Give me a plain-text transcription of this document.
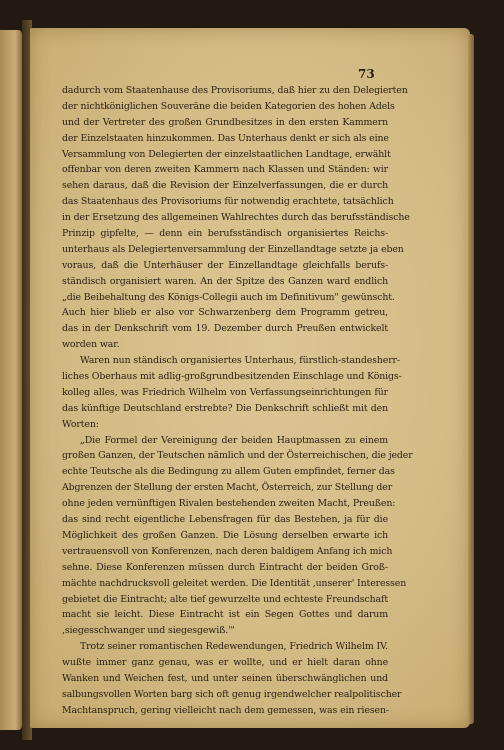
73
dadurch vom Staatenhause des Provisoriums, daß hier zu den Delegierten
der nichtköniglichen Souveräne die beiden Kategorien des hohen Adels
und der Vertreter des großen Grundbesitzes in den ersten Kammern
der Einzelstaaten hinzukommen. Das Unterhaus denkt er sich als eine
Versammlung von Delegierten der einzelstaatlichen Landtage, erwählt
offenbar von deren zweiten Kammern nach Klassen und Ständen: wir
sehen daraus, daß die Revision der Einzelverfassungen, die er durch
das Staatenhaus des Provisoriums für notwendig erachtete, tatsächlich
in der Ersetzung des allgemeinen Wahlrechtes durch das berufsständische
Prinzip gipfelte, — denn ein berufsständisch organisiertes Reichs-
unterhaus als Delegiertenversammlung der Einzellandtage setzte ja eben
voraus, daß die Unterhäuser der Einzellandtage gleichfalls berufs-
ständisch organisiert waren. An der Spitze des Ganzen ward endlich
„die Beibehaltung des Königs-Collegii auch im Definitivum" gewünscht.
Auch hier blieb er also vor Schwarzenberg dem Programm getreu,
das in der Denkschrift vom 19. Dezember durch Preußen entwickelt
worden war.
Waren nun ständisch organisiertes Unterhaus, fürstlich-standesherr-
liches Oberhaus mit adlig-großgrundbesitzenden Einschlage und Königs-
kolleg alles, was Friedrich Wilhelm von Verfassungseinrichtungen für
das künftige Deutschland erstrebte? Die Denkschrift schließt mit den
Worten:
„Die Formel der Vereinigung der beiden Hauptmassen zu einem
großen Ganzen, der Teutschen nämlich und der Österreichischen, die jeder
echte Teutsche als die Bedingung zu allem Guten empfindet, ferner das
Abgrenzen der Stellung der ersten Macht, Österreich, zur Stellung der
ohne jeden vernünftigen Rivalen bestehenden zweiten Macht, Preußen:
das sind recht eigentliche Lebensfragen für das Bestehen, ja für die
Möglichkeit des großen Ganzen. Die Lösung derselben erwarte ich
vertrauensvoll von Konferenzen, nach deren baldigem Anfang ich mich
sehne. Diese Konferenzen müssen durch Eintracht der beiden Groß-
mächte nachdrucksvoll geleitet werden. Die Identität ‚unserer' Interessen
gebietet die Eintracht; alte tief gewurzelte und echteste Freundschaft
macht sie leicht. Diese Eintracht ist ein Segen Gottes und darum
‚siegesschwanger und siegesgewiß.'"
Trotz seiner romantischen Redewendungen, Friedrich Wilhelm IV.
wußte immer ganz genau, was er wollte, und er hielt daran ohne
Wanken und Weichen fest, und unter seinen überschwänglichen und
salbungsvollen Worten barg sich oft genug irgendwelcher realpolitischer
Machtanspruch, gering vielleicht nach dem gemessen, was ein riesen-
